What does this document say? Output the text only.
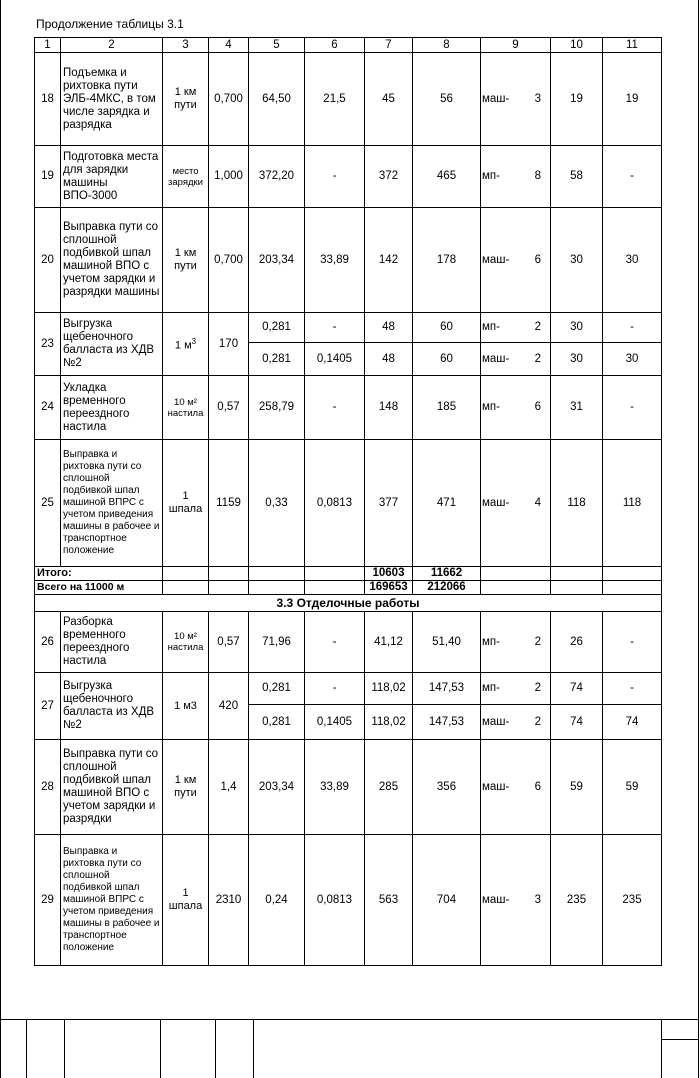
Продолжение таблицы 3.1
1	2	3	4	5	6	7	8	9	10	11
18	Подъемка и рихтовка пути ЭЛБ-4МКС, в том числе зарядка и разрядка	1 км пути	0,700	64,50	21,5	45	56	маш- 3	19	19
19	Подготовка места для зарядки машины ВПО-3000	место зарядки	1,000	372,20	-	372	465	мп- 8	58	-
20	Выправка пути со сплошной подбивкой шпал машиной ВПО с учетом зарядки и разрядки машины	1 км пути	0,700	203,34	33,89	142	178	маш- 6	30	30
23	Выгрузка щебеночного балласта из ХДВ №2	1 $м^3$	170	0,281	-	48	60	мп- 2	30	-
				0,281	0,1405	48	60	маш- 2	30	30
24	Укладка временного переездного настила	10 м² настила	0,57	258,79	-	148	185	мп- 6	31	-
25	Выправка и рихтовка пути со сплошной подбивкой шпал машиной ВПРС с учетом приведения машины в рабочее и транспортное положение	1 шпала	1159	0,33	0,0813	377	471	маш- 4	118	118
Итого:						10603	11662			
Всего на 11000 м						169653	212066			
3.3 Отделочные работы										
26	Разборка временного переездного настила	10 м² настила	0,57	71,96	-	41,12	51,40	мп- 2	26	-
27	Выгрузка щебеночного балласта из ХДВ №2	1 м3	420	0,281	-	118,02	147,53	мп- 2	74	-
				0,281	0,1405	118,02	147,53	маш- 2	74	74
28	Выправка пути со сплошной подбивкой шпал машиной ВПО с учетом зарядки и разрядки	1 км пути	1,4	203,34	33,89	285	356	маш- 6	59	59
29	Выправка и рихтовка пути со сплошной подбивкой шпал машиной ВПРС с учетом приведения машины в рабочее и транспортное положение	1 шпала	2310	0,24	0,0813	563	704	маш- 3	235	235
